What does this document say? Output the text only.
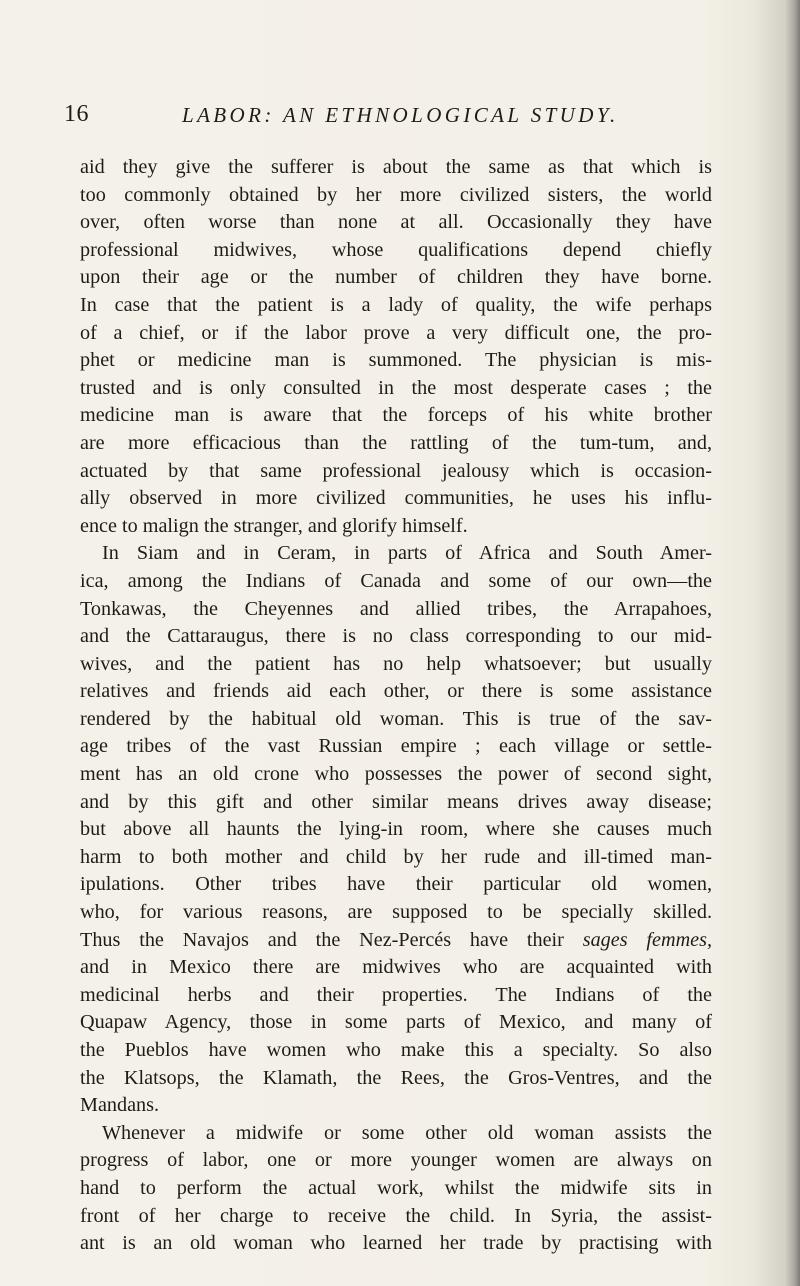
16	LABOR: AN ETHNOLOGICAL STUDY.
aid they give the sufferer is about the same as that which is
too commonly obtained by her more civilized sisters, the world
over, often worse than none at all. Occasionally they have
professional midwives, whose qualifications depend chiefly
upon their age or the number of children they have borne.
In case that the patient is a lady of quality, the wife perhaps
of a chief, or if the labor prove a very difficult one, the pro-
phet or medicine man is summoned. The physician is mis-
trusted and is only consulted in the most desperate cases ; the
medicine man is aware that the forceps of his white brother
are more efficacious than the rattling of the tum-tum, and,
actuated by that same professional jealousy which is occasion-
ally observed in more civilized communities, he uses his influ-
ence to malign the stranger, and glorify himself.
In Siam and in Ceram, in parts of Africa and South Amer-
ica, among the Indians of Canada and some of our own—the
Tonkawas, the Cheyennes and allied tribes, the Arrapahoes,
and the Cattaraugus, there is no class corresponding to our mid-
wives, and the patient has no help whatsoever; but usually
relatives and friends aid each other, or there is some assistance
rendered by the habitual old woman. This is true of the sav-
age tribes of the vast Russian empire ; each village or settle-
ment has an old crone who possesses the power of second sight,
and by this gift and other similar means drives away disease;
but above all haunts the lying-in room, where she causes much
harm to both mother and child by her rude and ill-timed man-
ipulations. Other tribes have their particular old women,
who, for various reasons, are supposed to be specially skilled.
Thus the Navajos and the Nez-Percés have their sages femmes,
and in Mexico there are midwives who are acquainted with
medicinal herbs and their properties. The Indians of the
Quapaw Agency, those in some parts of Mexico, and many of
the Pueblos have women who make this a specialty. So also
the Klatsops, the Klamath, the Rees, the Gros-Ventres, and the
Mandans.
Whenever a midwife or some other old woman assists the
progress of labor, one or more younger women are always on
hand to perform the actual work, whilst the midwife sits in
front of her charge to receive the child. In Syria, the assist-
ant is an old woman who learned her trade by practising with
